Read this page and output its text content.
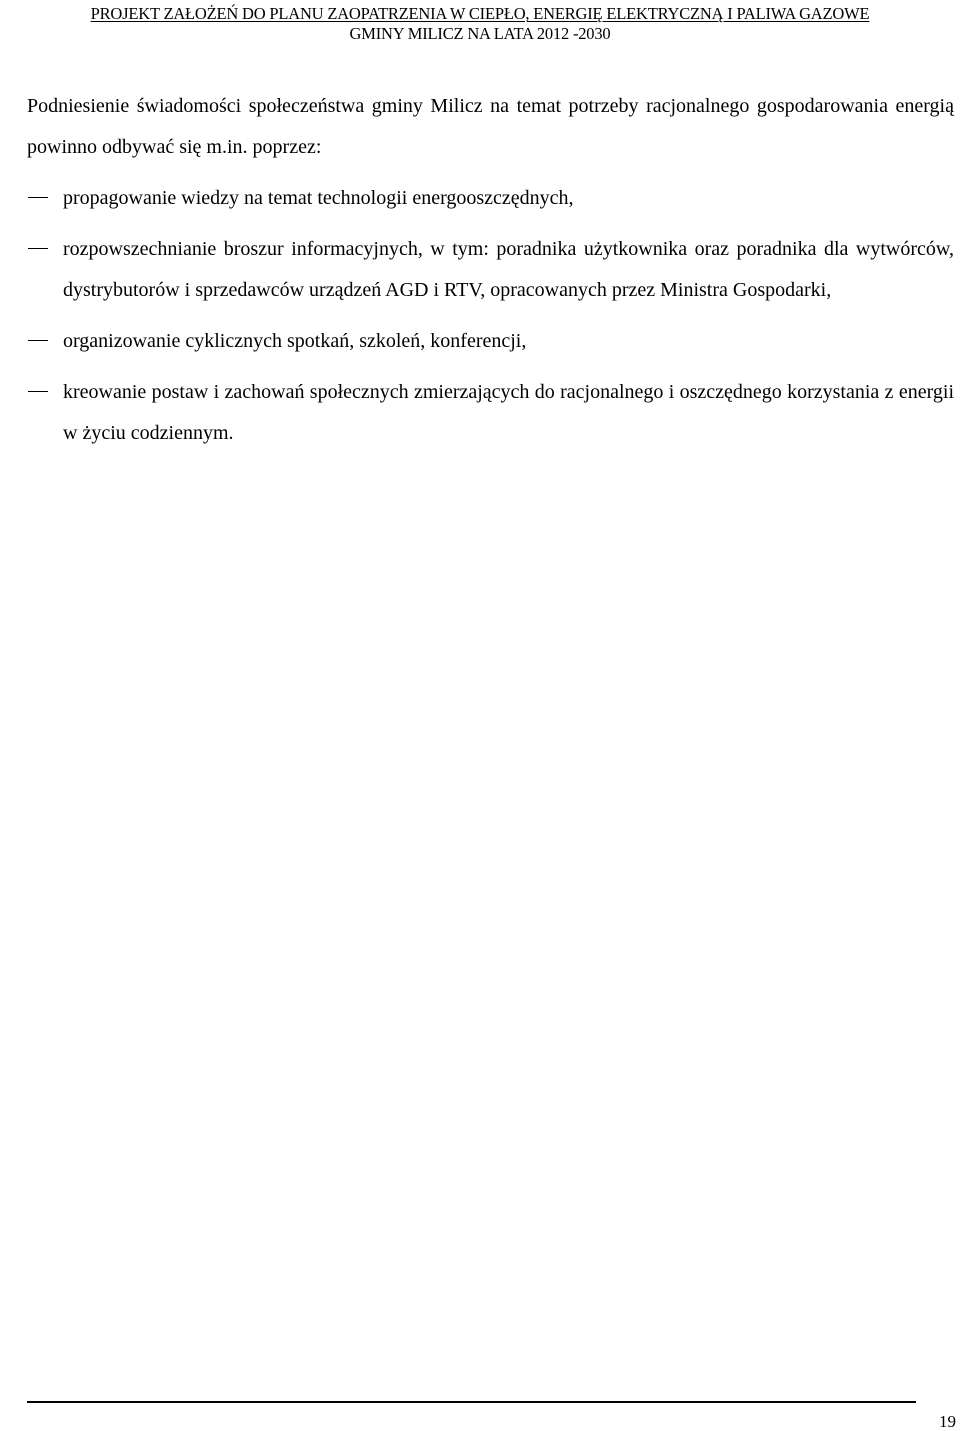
PROJEKT ZAŁOŻEŃ DO PLANU ZAOPATRZENIA W CIEPŁO, ENERGIĘ ELEKTRYCZNĄ I PALIWA GAZOWE
GMINY MILICZ NA LATA 2012 -2030

Podniesienie świadomości społeczeństwa gminy Milicz na temat potrzeby racjonalnego gospodarowania energią powinno odbywać się m.in. poprzez:

propagowanie wiedzy na temat technologii energooszczędnych,
rozpowszechnianie broszur informacyjnych, w tym: poradnika użytkownika oraz poradnika dla wytwórców, dystrybutorów i sprzedawców urządzeń AGD i RTV, opracowanych przez Ministra Gospodarki,
organizowanie cyklicznych spotkań, szkoleń, konferencji,
kreowanie postaw i zachowań społecznych zmierzających do racjonalnego i oszczędnego korzystania z energii w życiu codziennym.
19
